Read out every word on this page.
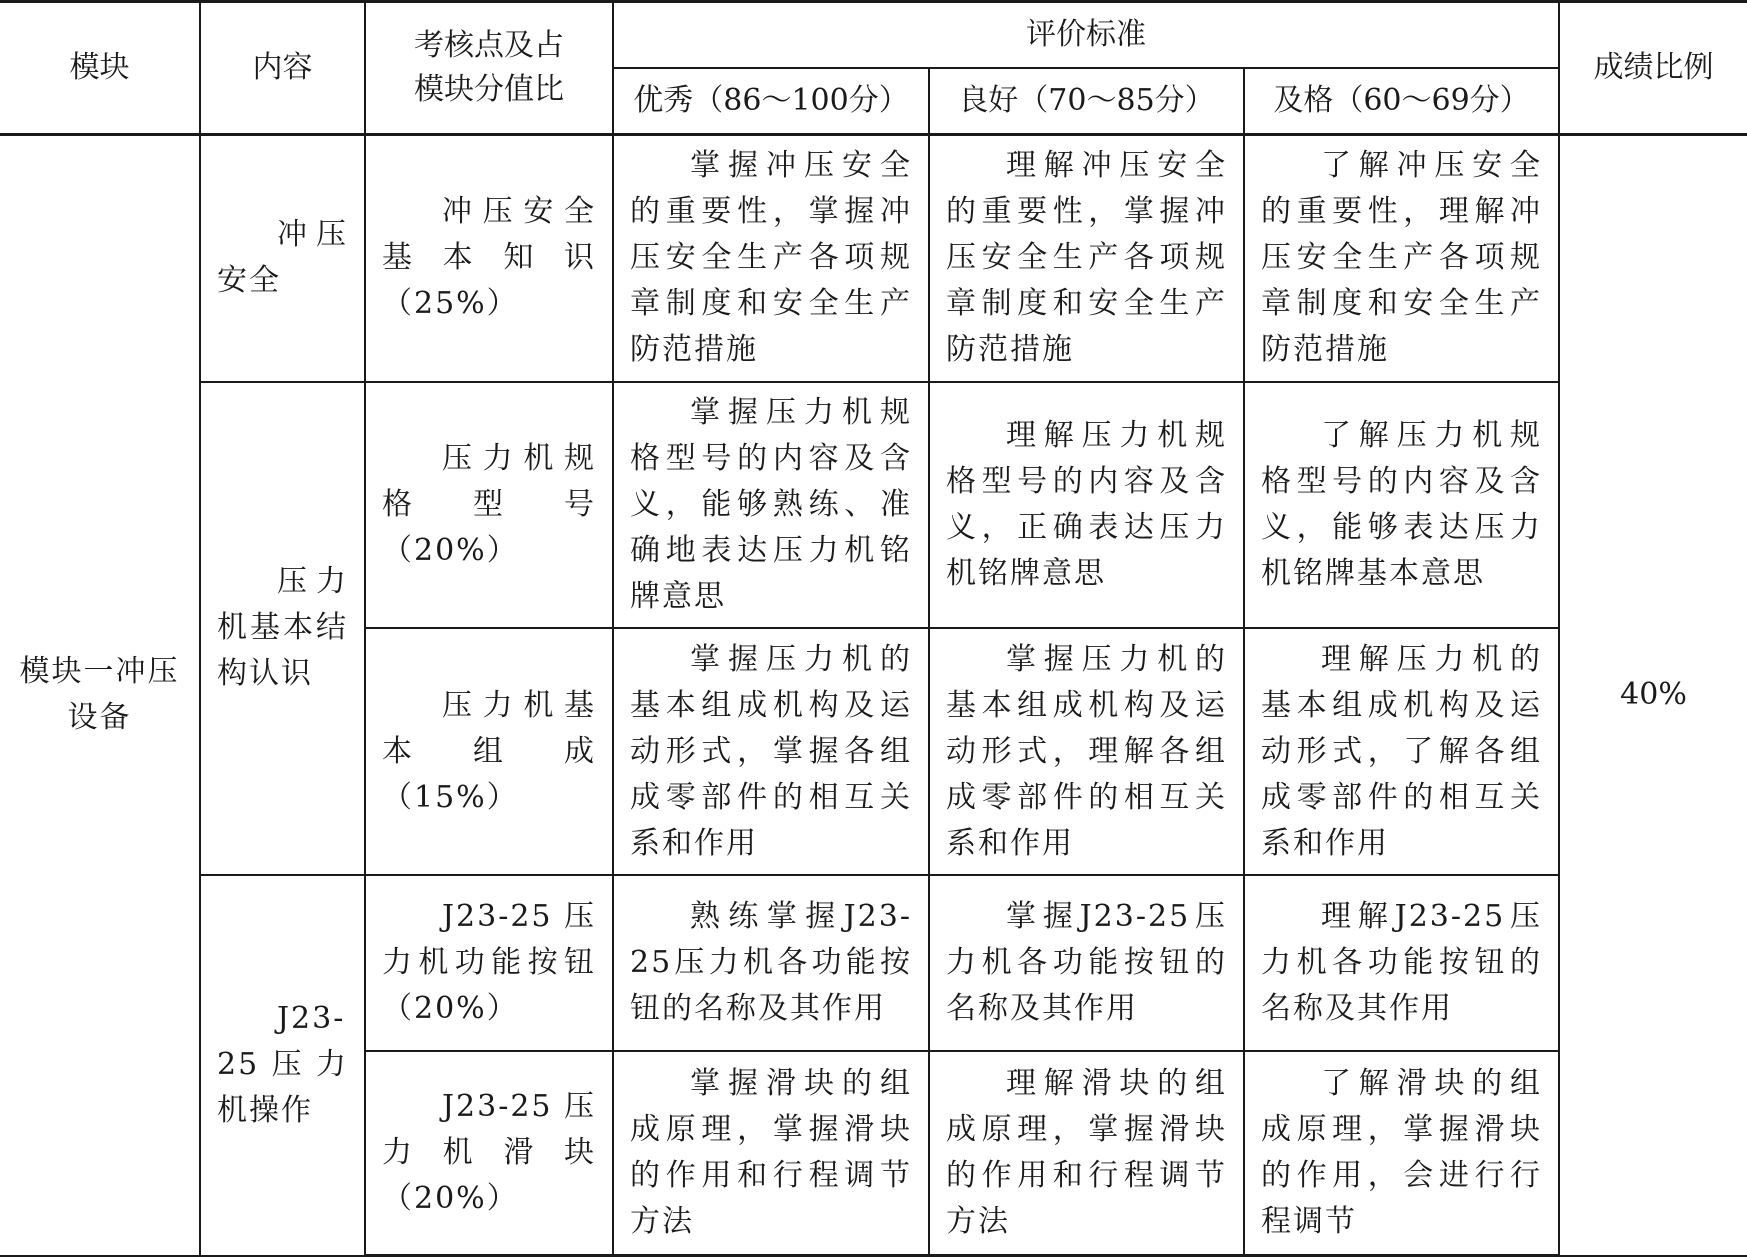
模块	内容	考核点及占模块分值比	评价标准			成绩比例
			优秀（86～100分）	良好（70～85分）	及格（60～69分）	
模块一冲压设备	冲压安全	冲压安全基本知识（25%）	掌握冲压安全的重要性，掌握冲压安全生产各项规章制度和安全生产防范措施	理解冲压安全的重要性，掌握冲压安全生产各项规章制度和安全生产防范措施	了解冲压安全的重要性，理解冲压安全生产各项规章制度和安全生产防范措施	40%
	压力机基本结构认识	压力机规格型号（20%）	掌握压力机规格型号的内容及含义，能够熟练、准确地表达压力机铭牌意思	理解压力机规格型号的内容及含义，正确表达压力机铭牌意思	了解压力机规格型号的内容及含义，能够表达压力机铭牌基本意思	
		压力机基本组成（15%）	掌握压力机的基本组成机构及运动形式，掌握各组成零部件的相互关系和作用	掌握压力机的基本组成机构及运动形式，理解各组成零部件的相互关系和作用	理解压力机的基本组成机构及运动形式，了解各组成零部件的相互关系和作用	
	J23-25压力机操作	J23-25压力机功能按钮（20%）	熟练掌握J23-25压力机各功能按钮的名称及其作用	掌握J23-25压力机各功能按钮的名称及其作用	理解J23-25压力机各功能按钮的名称及其作用	
		J23-25压力机滑块（20%）	掌握滑块的组成原理，掌握滑块的作用和行程调节方法	理解滑块的组成原理，掌握滑块的作用和行程调节方法	了解滑块的组成原理，掌握滑块的作用，会进行行程调节	
